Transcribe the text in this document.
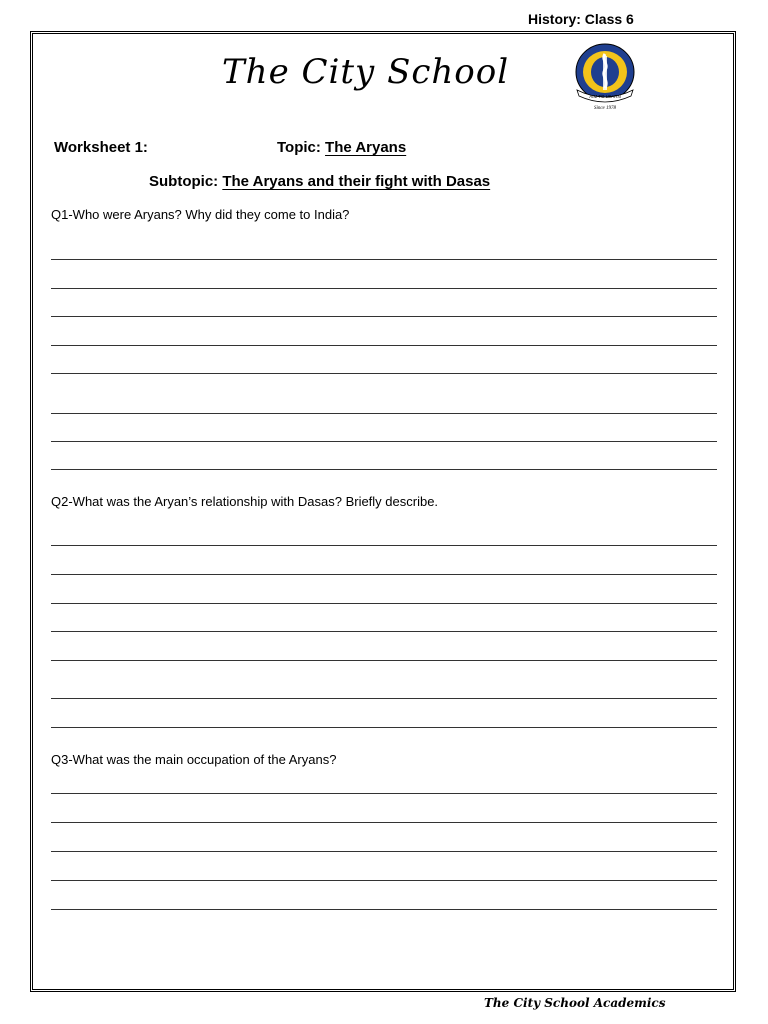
History: Class 6
The City School
AIM TO LEARN
Since 1978
Worksheet 1:	Topic: The Aryans
Subtopic: The Aryans and their fight with Dasas
Q1-Who were Aryans? Why did they come to India?
Q2-What was the Aryan’s relationship with Dasas? Briefly describe.
Q3-What was the main occupation of the Aryans?
The City School Academics
